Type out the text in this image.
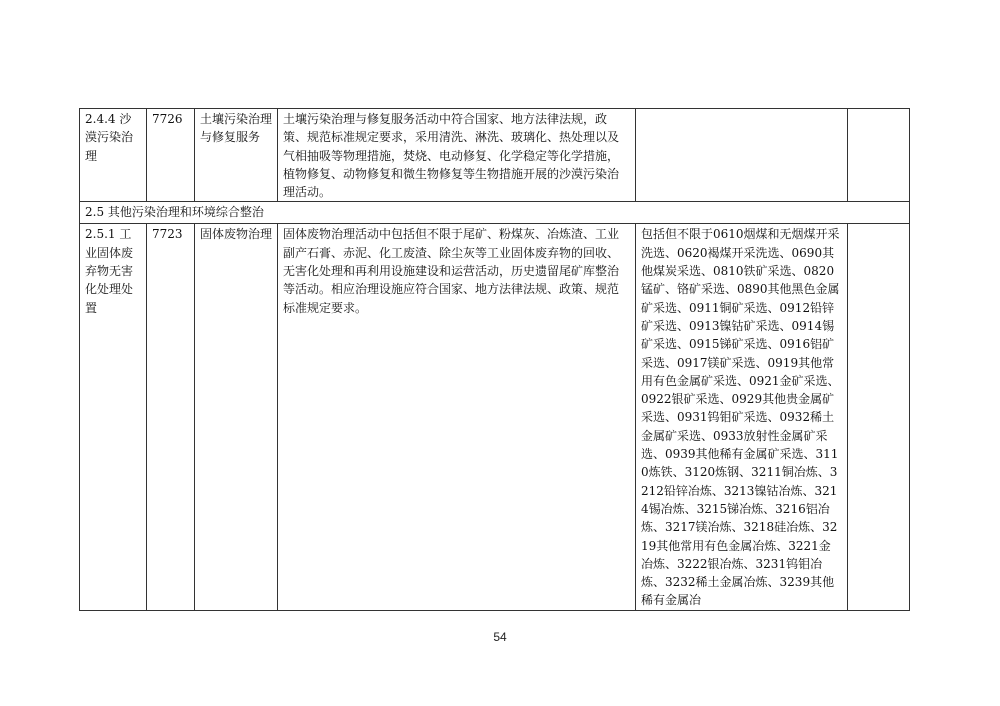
2.4.4 沙漠污染治理	7726	土壤污染治理与修复服务	土壤污染治理与修复服务活动中符合国家、地方法律法规，政策、规范标准规定要求，采用清洗、淋洗、玻璃化、热处理以及气相抽吸等物理措施，焚烧、电动修复、化学稳定等化学措施，植物修复、动物修复和微生物修复等生物措施开展的沙漠污染治理活动。		
2.5 其他污染治理和环境综合整治					
2.5.1 工业固体废弃物无害化处理处置	7723	固体废物治理	固体废物治理活动中包括但不限于尾矿、粉煤灰、冶炼渣、工业副产石膏、赤泥、化工废渣、除尘灰等工业固体废弃物的回收、无害化处理和再利用设施建设和运营活动，历史遗留尾矿库整治等活动。相应治理设施应符合国家、地方法律法规、政策、规范标准规定要求。	包括但不限于0610烟煤和无烟煤开采洗选、0620褐煤开采洗选、0690其他煤炭采选、0810铁矿采选、0820锰矿、铬矿采选、0890其他黑色金属矿采选、0911铜矿采选、0912铅锌矿采选、0913镍钴矿采选、0914锡矿采选、0915锑矿采选、0916铝矿采选、0917镁矿采选、0919其他常用有色金属矿采选、0921金矿采选、0922银矿采选、0929其他贵金属矿采选、0931钨钼矿采选、0932稀土金属矿采选、0933放射性金属矿采选、0939其他稀有金属矿采选、3110炼铁、3120炼钢、3211铜冶炼、3212铅锌冶炼、3213镍钴冶炼、3214锡冶炼、3215锑冶炼、3216铝冶炼、3217镁冶炼、3218硅冶炼、3219其他常用有色金属冶炼、3221金冶炼、3222银冶炼、3231钨钼冶炼、3232稀土金属冶炼、3239其他稀有金属冶	
54
